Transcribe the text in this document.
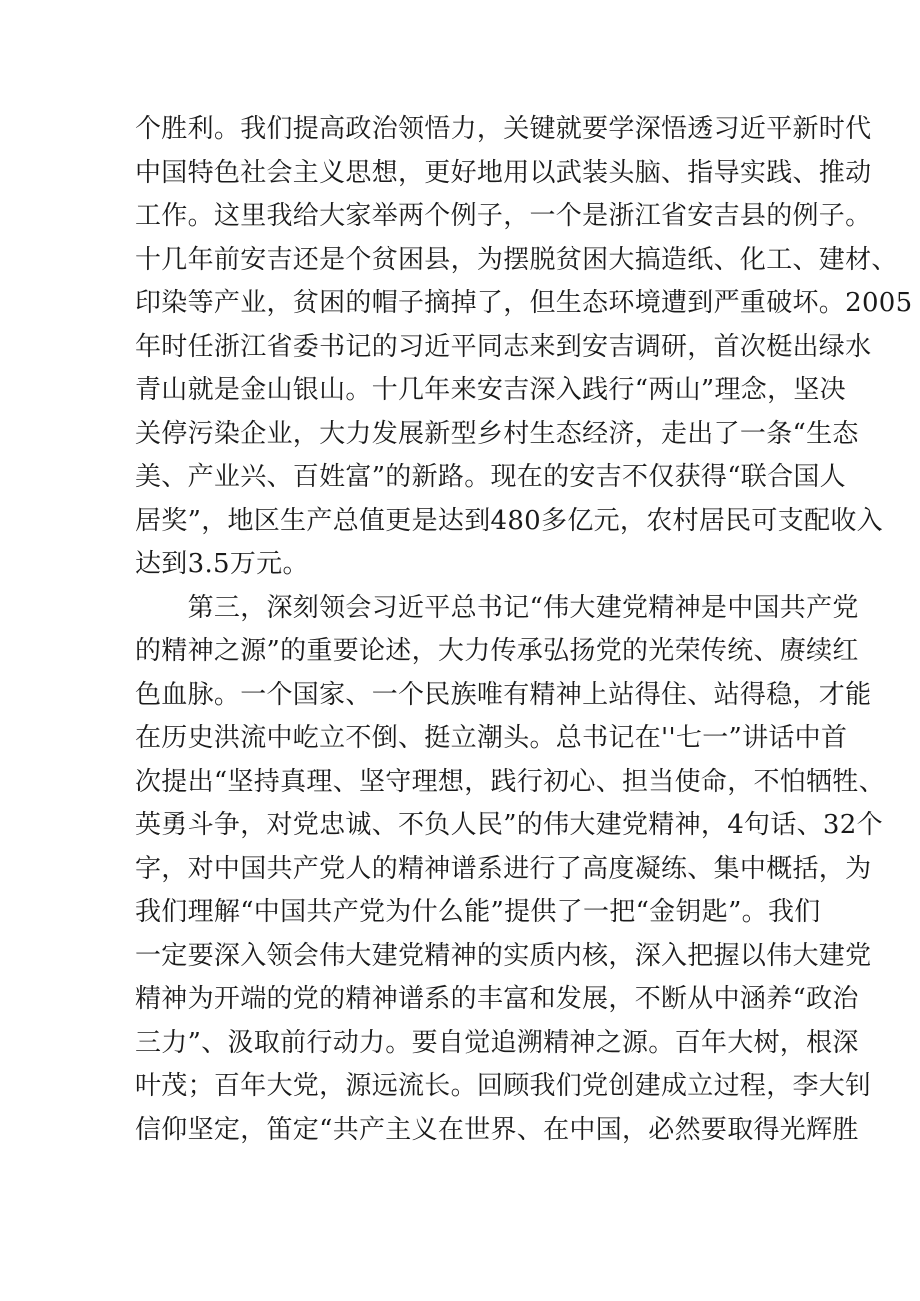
个胜利。我们提高政治领悟力，关键就要学深悟透习近平新时代
中国特色社会主义思想，更好地用以武装头脑、指导实践、推动
工作。这里我给大家举两个例子，一个是浙江省安吉县的例子。
十几年前安吉还是个贫困县，为摆脱贫困大搞造纸、化工、建材、
印染等产业，贫困的帽子摘掉了，但生态环境遭到严重破坏。2005
年时任浙江省委书记的习近平同志来到安吉调研，首次梃出绿水
青山就是金山银山。十几年来安吉深入践行“两山”理念，坚决
关停污染企业，大力发展新型乡村生态经济，走出了一条“生态
美、产业兴、百姓富”的新路。现在的安吉不仅获得“联合国人
居奖”，地区生产总值更是达到480多亿元，农村居民可支配收入
达到3.5万元。
　　第三，深刻领会习近平总书记“伟大建党精神是中国共产党
的精神之源”的重要论述，大力传承弘扬党的光荣传统、赓续红
色血脉。一个国家、一个民族唯有精神上站得住、站得稳，才能
在历史洪流中屹立不倒、挺立潮头。总书记在''七一”讲话中首
次提出“坚持真理、坚守理想，践行初心、担当使命，不怕牺牲、
英勇斗争，对党忠诚、不负人民”的伟大建党精神，4句话、32个
字，对中国共产党人的精神谱系进行了高度凝练、集中概括，为
我们理解“中国共产党为什么能”提供了一把“金钥匙”。我们
一定要深入领会伟大建党精神的实质内核，深入把握以伟大建党
精神为开端的党的精神谱系的丰富和发展，不断从中涵养“政治
三力”、汲取前行动力。要自觉追溯精神之源。百年大树，根深
叶茂；百年大党，源远流长。回顾我们党创建成立过程，李大钊
信仰坚定，笛定“共产主义在世界、在中国，必然要取得光辉胜
